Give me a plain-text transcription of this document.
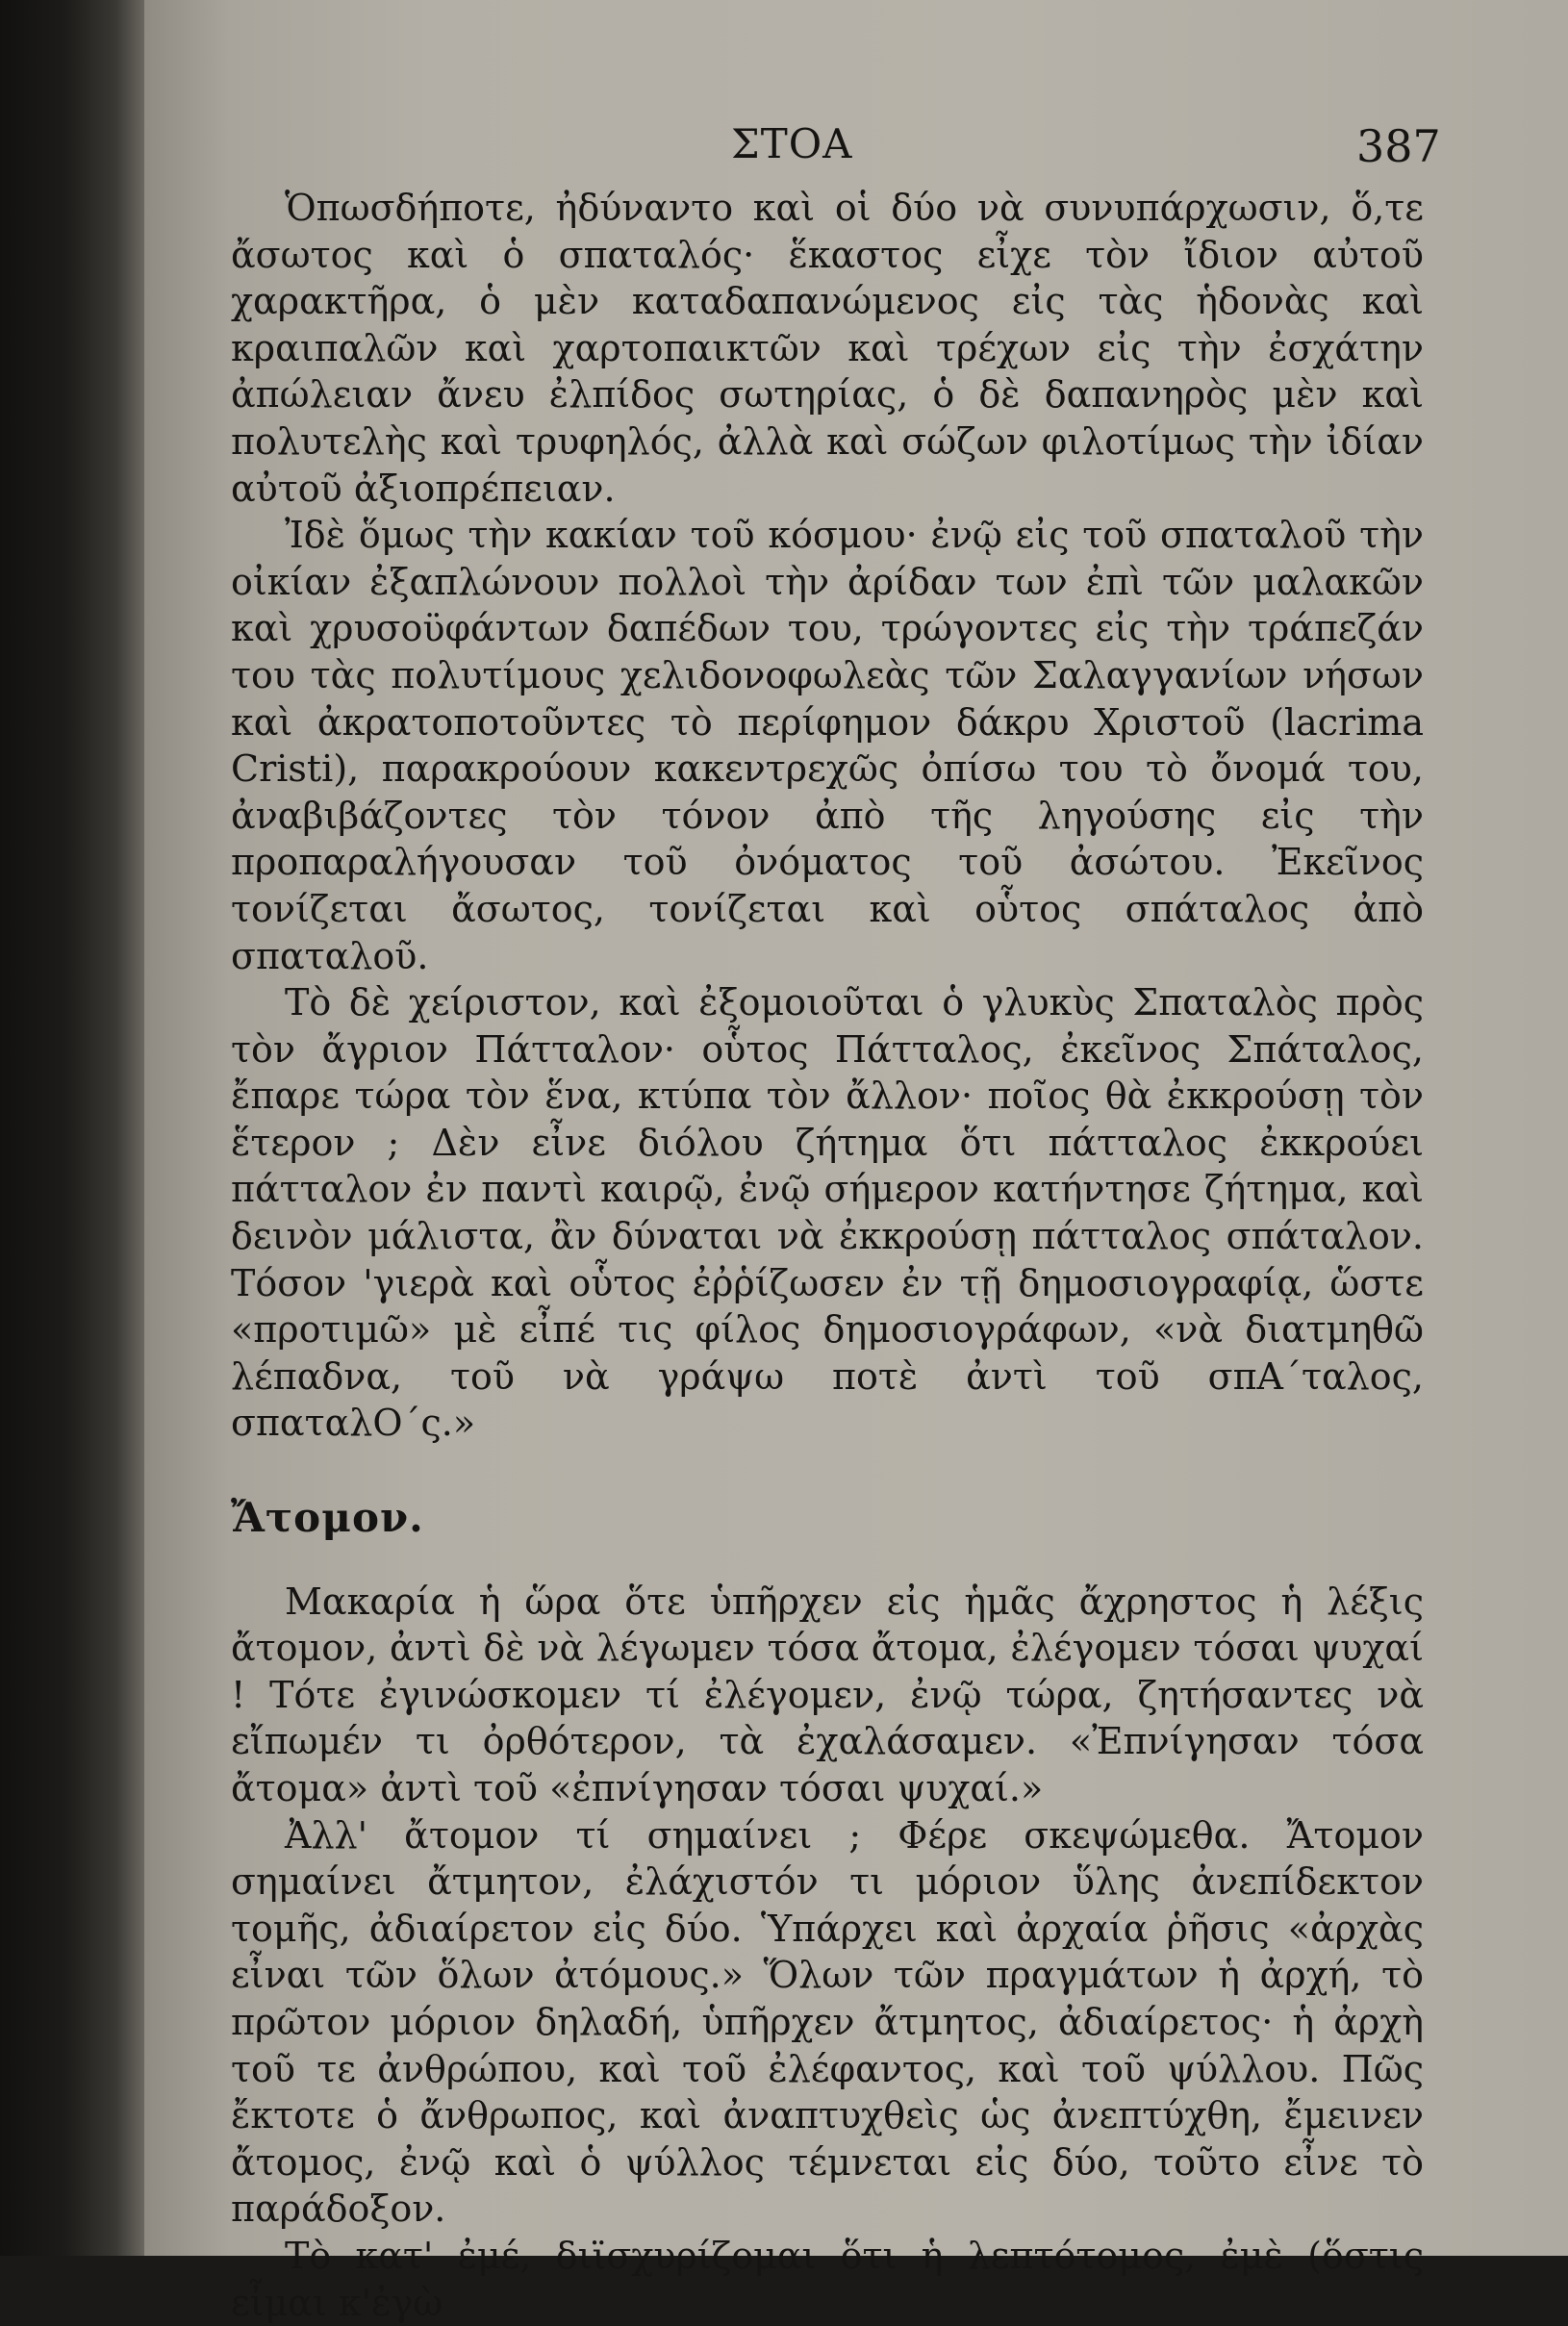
ΣΤΟΑ	387

Ὁπωσδήποτε, ἠδύναντο καὶ οἱ δύο νὰ συνυπάρχωσιν, ὅ,τε ἄσωτος καὶ ὁ σπαταλός· ἕκαστος εἶχε τὸν ἴδιον αὐτοῦ χαρακτῆρα, ὁ μὲν καταδαπανώμενος εἰς τὰς ἡδονὰς καὶ κραιπαλῶν καὶ χαρτοπαικτῶν καὶ τρέχων εἰς τὴν ἐσχάτην ἀπώλειαν ἄνευ ἐλπίδος σωτηρίας, ὁ δὲ δαπανηρὸς μὲν καὶ πολυτελὴς καὶ τρυφηλός, ἀλλὰ καὶ σώζων φιλοτίμως τὴν ἰδίαν αὐτοῦ ἀξιοπρέπειαν.

Ἰδὲ ὅμως τὴν κακίαν τοῦ κόσμου· ἐνῷ εἰς τοῦ σπαταλοῦ τὴν οἰκίαν ἐξαπλώνουν πολλοὶ τὴν ἀρίδαν των ἐπὶ τῶν μαλακῶν καὶ χρυσοϋφάντων δαπέδων του, τρώγοντες εἰς τὴν τράπεζάν του τὰς πολυτίμους χελιδονοφωλεὰς τῶν Σαλαγγανίων νήσων καὶ ἀκρατοποτοῦντες τὸ περίφημον δάκρυ Χριστοῦ (lacrima Cristi), παρακρούουν κακεντρεχῶς ὀπίσω του τὸ ὄνομά του, ἀναβιβάζοντες τὸν τόνον ἀπὸ τῆς ληγούσης εἰς τὴν προπαραλήγουσαν τοῦ ὀνόματος τοῦ ἀσώτου. Ἐκεῖνος τονίζεται ἄσωτος, τονίζεται καὶ οὗτος σπάταλος ἀπὸ σπαταλοῦ.

Τὸ δὲ χείριστον, καὶ ἐξομοιοῦται ὁ γλυκὺς Σπαταλὸς πρὸς τὸν ἄγριον Πάτταλον· οὗτος Πάτταλος, ἐκεῖνος Σπάταλος, ἔπαρε τώρα τὸν ἕνα, κτύπα τὸν ἄλλον· ποῖος θὰ ἐκκρούσῃ τὸν ἕτερον ; Δὲν εἶνε διόλου ζήτημα ὅτι πάτταλος ἐκκρούει πάτταλον ἐν παντὶ καιρῷ, ἐνῷ σήμερον κατήντησε ζήτημα, καὶ δεινὸν μάλιστα, ἂν δύναται νὰ ἐκκρούσῃ πάτταλος σπάταλον. Τόσον 'γιερὰ καὶ οὗτος ἐῤῥίζωσεν ἐν τῇ δημοσιογραφίᾳ, ὥστε «προτιμῶ» μὲ εἶπέ τις φίλος δημοσιογράφων, «νὰ διατμηθῶ λέπαδνα, τοῦ νὰ γράψω ποτὲ ἀντὶ τοῦ σπΑ΄ταλος, σπαταλΟ΄ς.»

Ἄτομον.

Μακαρία ἡ ὥρα ὅτε ὑπῆρχεν εἰς ἡμᾶς ἄχρηστος ἡ λέξις ἄτομον, ἀντὶ δὲ νὰ λέγωμεν τόσα ἄτομα, ἐλέγομεν τόσαι ψυχαί ! Τότε ἐγινώσκομεν τί ἐλέγομεν, ἐνῷ τώρα, ζητήσαντες νὰ εἴπωμέν τι ὀρθότερον, τὰ ἐχαλάσαμεν. «Ἐπνίγησαν τόσα ἄτομα» ἀντὶ τοῦ «ἐπνίγησαν τόσαι ψυχαί.»

Ἀλλ' ἄτομον τί σημαίνει ; Φέρε σκεψώμεθα. Ἄτομον σημαίνει ἄτμητον, ἐλάχιστόν τι μόριον ὕλης ἀνεπίδεκτον τομῆς, ἀδιαίρετον εἰς δύο. Ὑπάρχει καὶ ἀρχαία ῥῆσις «ἀρχὰς εἶναι τῶν ὅλων ἀτόμους.» Ὅλων τῶν πραγμάτων ἡ ἀρχή, τὸ πρῶτον μόριον δηλαδή, ὑπῆρχεν ἄτμητος, ἀδιαίρετος· ἡ ἀρχὴ τοῦ τε ἀνθρώπου, καὶ τοῦ ἐλέφαντος, καὶ τοῦ ψύλλου. Πῶς ἔκτοτε ὁ ἄνθρωπος, καὶ ἀναπτυχθεὶς ὡς ἀνεπτύχθη, ἔμεινεν ἄτομος, ἐνῷ καὶ ὁ ψύλλος τέμνεται εἰς δύο, τοῦτο εἶνε τὸ παράδοξον.

Τὸ κατ' ἐμέ, διϊσχυρίζομαι ὅτι ἡ λεπτότομος, ἐμὲ (ὅστις εἶμαι κ'ἐγὼ
